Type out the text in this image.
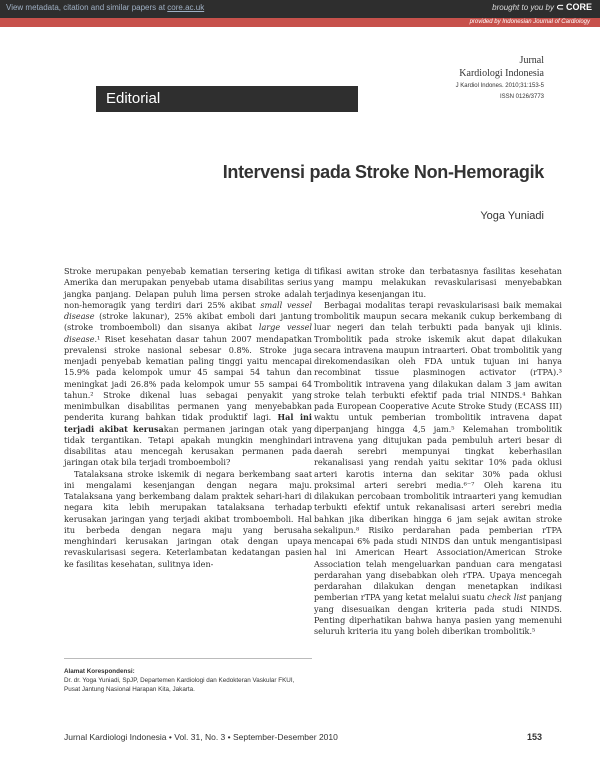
View metadata, citation and similar papers at core.ac.uk	brought to you by ⊂ CORE
provided by Indonesian Journal of Cardiology
Jurnal
Kardiologi Indonesia
J Kardiol Indones. 2010;31:153-5
ISSN 0126/3773
Editorial
Intervensi pada Stroke Non-Hemoragik
Yoga Yuniadi

Stroke merupakan penyebab kematian tersering ketiga di Amerika dan merupakan penyebab utama disabilitas serius jangka panjang. Delapan puluh lima persen stroke adalah non-hemoragik yang terdiri dari 25% akibat small vessel disease (stroke lakunar), 25% akibat emboli dari jantung (stroke tromboemboli) dan sisanya akibat large vessel disease.¹ Riset kesehatan dasar tahun 2007 mendapatkan prevalensi stroke nasional sebesar 0.8%. Stroke juga menjadi penyebab kematian paling tinggi yaitu mencapai 15.9% pada kelompok umur 45 sampai 54 tahun dan meningkat jadi 26.8% pada kelompok umur 55 sampai 64 tahun.² Stroke dikenal luas sebagai penyakit yang menimbulkan disabilitas permanen yang menyebabkan penderita kurang bahkan tidak produktif lagi. Hal ini terjadi akibat kerusakan permanen jaringan otak yang tidak tergantikan. Tetapi apakah mungkin menghindari disabilitas atau mencegah kerusakan permanen pada jaringan otak bila terjadi tromboemboli?

Tatalaksana stroke iskemik di negara berkembang saat ini mengalami kesenjangan dengan negara maju. Tatalaksana yang berkembang dalam praktek sehari-hari di negara kita lebih merupakan tatalaksana terhadap kerusakan jaringan yang terjadi akibat tromboemboli. Hal itu berbeda dengan negara maju yang berusaha menghindari kerusakan jaringan otak dengan upaya revaskularisasi segera. Keterlambatan kedatangan pasien ke fasilitas kesehatan, sulitnya iden-

tifikasi awitan stroke dan terbatasnya fasilitas kesehatan yang mampu melakukan revaskularisasi menyebabkan terjadinya kesenjangan itu.

Berbagai modalitas terapi revaskularisasi baik memakai trombolitik maupun secara mekanik cukup berkembang di luar negeri dan telah terbukti pada banyak uji klinis. Trombolitik pada stroke iskemik akut dapat dilakukan secara intravena maupun intraarteri. Obat trombolitik yang direkomendasikan oleh FDA untuk tujuan ini hanya recombinat tissue plasminogen activator (rTPA).³ Trombolitik intravena yang dilakukan dalam 3 jam awitan stroke telah terbukti efektif pada trial NINDS.⁴ Bahkan pada European Cooperative Acute Stroke Study (ECASS III) waktu untuk pemberian trombolitik intravena dapat diperpanjang hingga 4,5 jam.⁵ Kelemahan trombolitik intravena yang ditujukan pada pembuluh arteri besar di daerah serebri mempunyai tingkat keberhasilan rekanalisasi yang rendah yaitu sekitar 10% pada oklusi arteri karotis interna dan sekitar 30% pada oklusi proksimal arteri serebri media.⁶⁻⁷ Oleh karena itu dilakukan percobaan trombolitik intraarteri yang kemudian terbukti efektif untuk rekanalisasi arteri serebri media bahkan jika diberikan hingga 6 jam sejak awitan stroke sekalipun.⁸ Risiko perdarahan pada pemberian rTPA mencapai 6% pada studi NINDS dan untuk mengantisipasi hal ini American Heart Association/American Stroke Association telah mengeluarkan panduan cara mengatasi perdarahan yang disebabkan oleh rTPA. Upaya mencegah perdarahan dilakukan dengan menetapkan indikasi pemberian rTPA yang ketat melalui suatu check list panjang yang disesuaikan dengan kriteria pada studi NINDS. Penting diperhatikan bahwa hanya pasien yang memenuhi seluruh kriteria itu yang boleh diberikan trombolitik.⁵

Alamat Korespondensi:
Dr. dr. Yoga Yuniadi, SpJP, Departemen Kardiologi dan Kedokteran Vaskular FKUI, Pusat Jantung Nasional Harapan Kita, Jakarta.
Jurnal Kardiologi Indonesia • Vol. 31, No. 3 • September-Desember 2010	153
